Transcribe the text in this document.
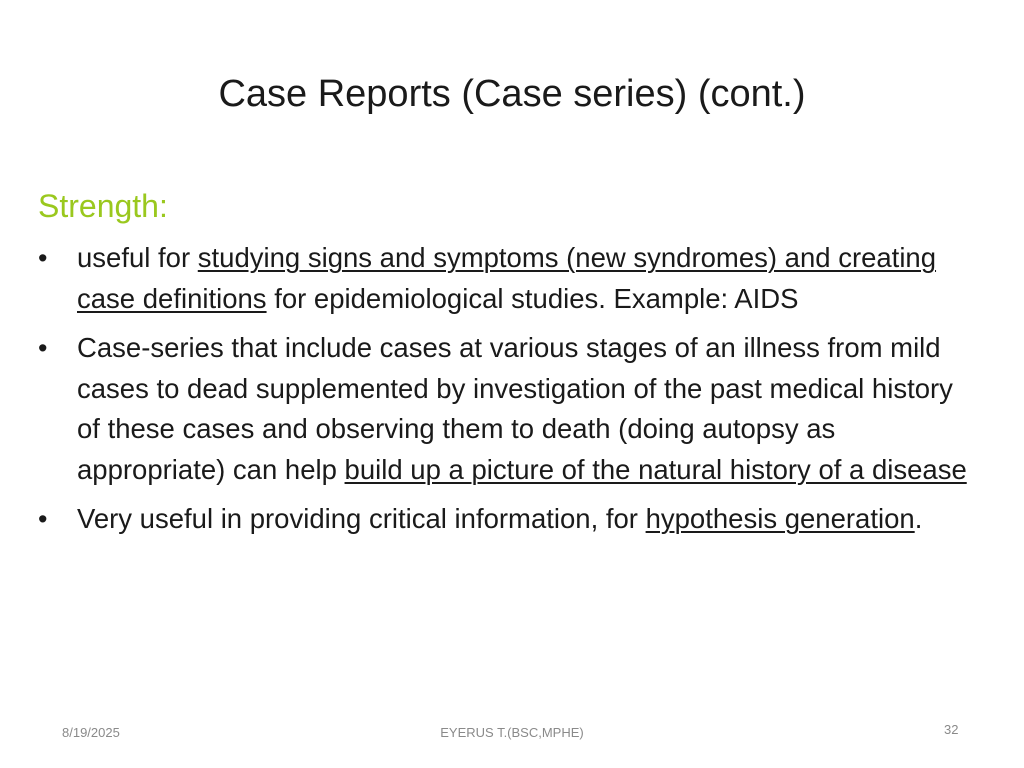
Case Reports (Case series) (cont.)
Strength:
• useful for studying signs and symptoms (new syndromes) and creating case definitions for epidemiological studies. Example: AIDS
• Case-series that include cases at various stages of an illness from mild cases to dead supplemented by investigation of the past medical history of these cases and observing them to death (doing autopsy as appropriate) can help build up a picture of the natural history of a disease
• Very useful in providing critical information, for hypothesis generation.
8/19/2025	EYERUS T.(BSC,MPHE)	32
